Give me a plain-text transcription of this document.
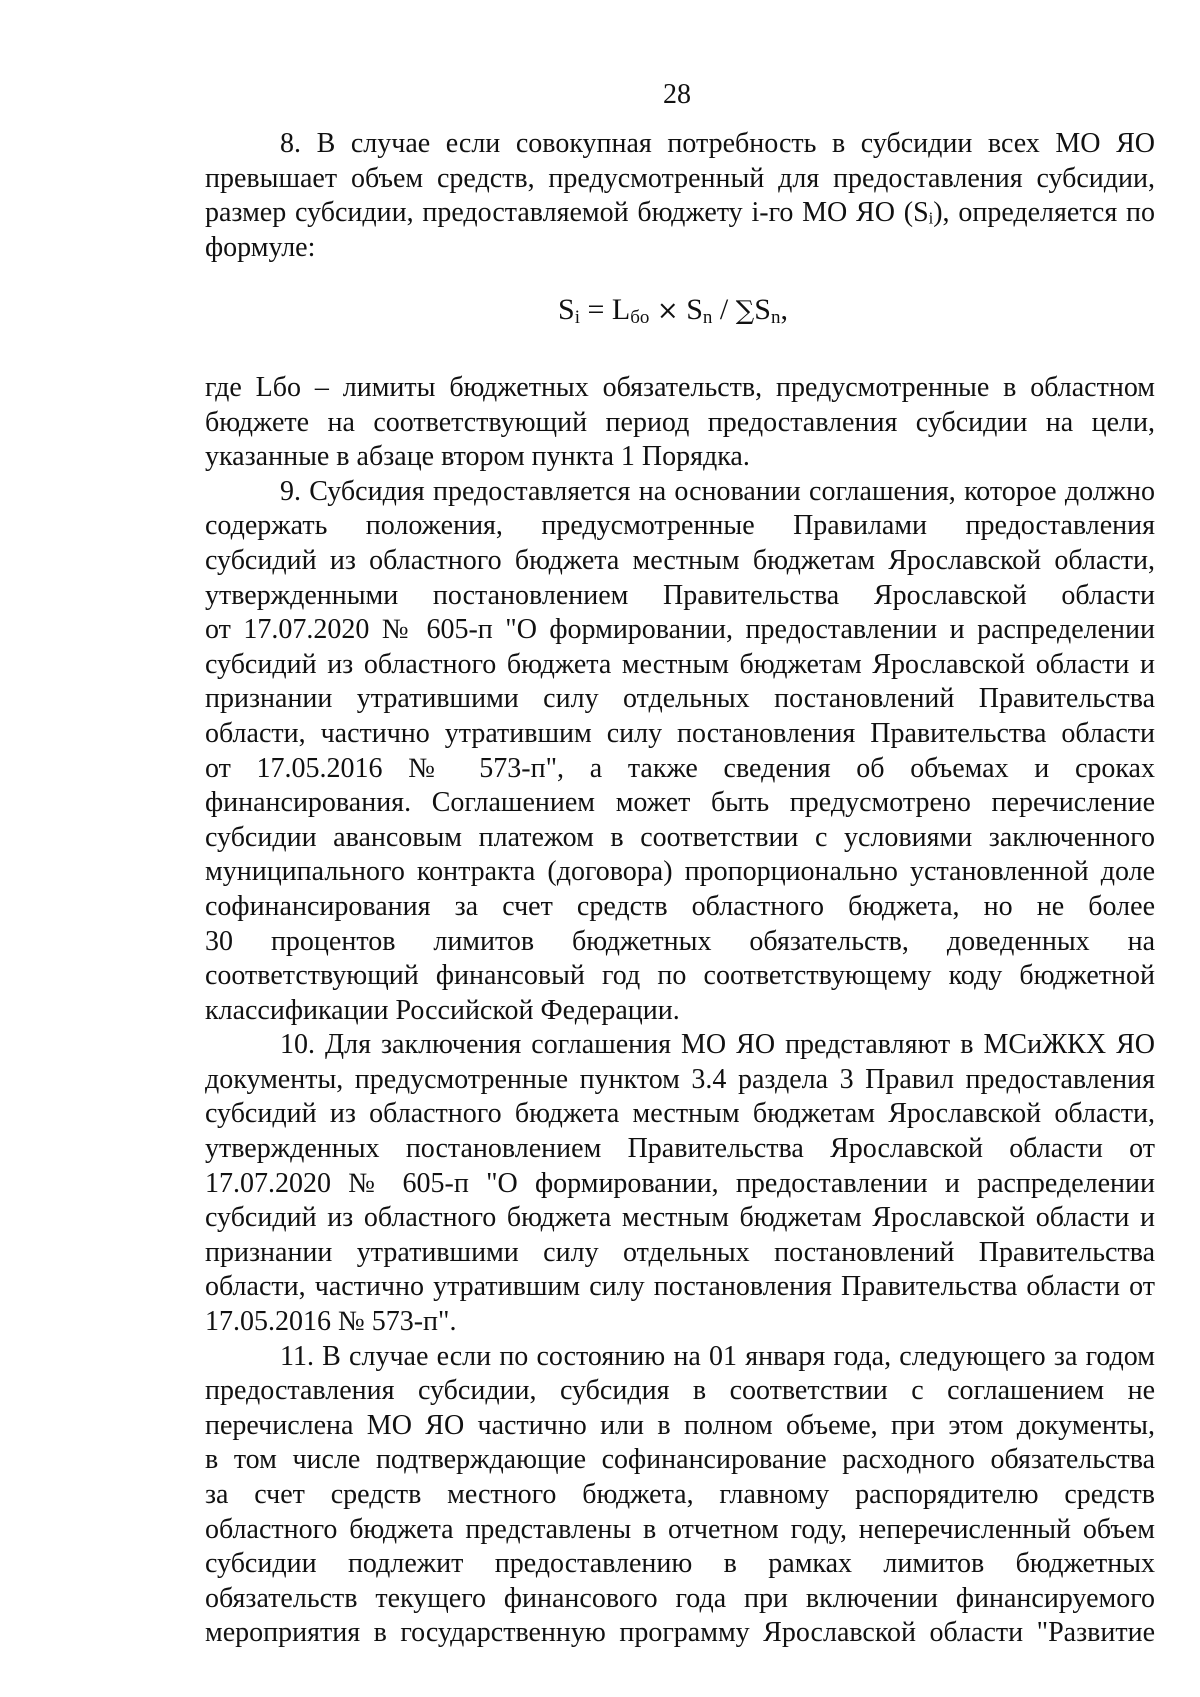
28
8. В случае если совокупная потребность в субсидии всех МО ЯО
превышает объем средств, предусмотренный для предоставления субсидии,
размер субсидии, предоставляемой бюджету i-го МО ЯО (Sᵢ), определяется по
формуле:
$S_i = L_{бо} \times S_n / \sum S_n$,
где Lбо – лимиты бюджетных обязательств, предусмотренные в областном
бюджете на соответствующий период предоставления субсидии на цели,
указанные в абзаце втором пункта 1 Порядка.
9. Субсидия предоставляется на основании соглашения, которое должно
содержать положения, предусмотренные Правилами предоставления
субсидий из областного бюджета местным бюджетам Ярославской области,
утвержденными постановлением Правительства Ярославской области
от 17.07.2020 № 605-п "О формировании, предоставлении и распределении
субсидий из областного бюджета местным бюджетам Ярославской области и
признании утратившими силу отдельных постановлений Правительства
области, частично утратившим силу постановления Правительства области
от 17.05.2016 № 573-п", а также сведения об объемах и сроках
финансирования. Соглашением может быть предусмотрено перечисление
субсидии авансовым платежом в соответствии с условиями заключенного
муниципального контракта (договора) пропорционально установленной доле
софинансирования за счет средств областного бюджета, но не более
30 процентов лимитов бюджетных обязательств, доведенных на
соответствующий финансовый год по соответствующему коду бюджетной
классификации Российской Федерации.
10. Для заключения соглашения МО ЯО представляют в МСиЖКХ ЯО
документы, предусмотренные пунктом 3.4 раздела 3 Правил предоставления
субсидий из областного бюджета местным бюджетам Ярославской области,
утвержденных постановлением Правительства Ярославской области от
17.07.2020 № 605-п "О формировании, предоставлении и распределении
субсидий из областного бюджета местным бюджетам Ярославской области и
признании утратившими силу отдельных постановлений Правительства
области, частично утратившим силу постановления Правительства области от
17.05.2016 № 573-п".
11. В случае если по состоянию на 01 января года, следующего за годом
предоставления субсидии, субсидия в соответствии с соглашением не
перечислена МО ЯО частично или в полном объеме, при этом документы,
в том числе подтверждающие софинансирование расходного обязательства
за счет средств местного бюджета, главному распорядителю средств
областного бюджета представлены в отчетном году, неперечисленный объем
субсидии подлежит предоставлению в рамках лимитов бюджетных
обязательств текущего финансового года при включении финансируемого
мероприятия в государственную программу Ярославской области "Развитие
